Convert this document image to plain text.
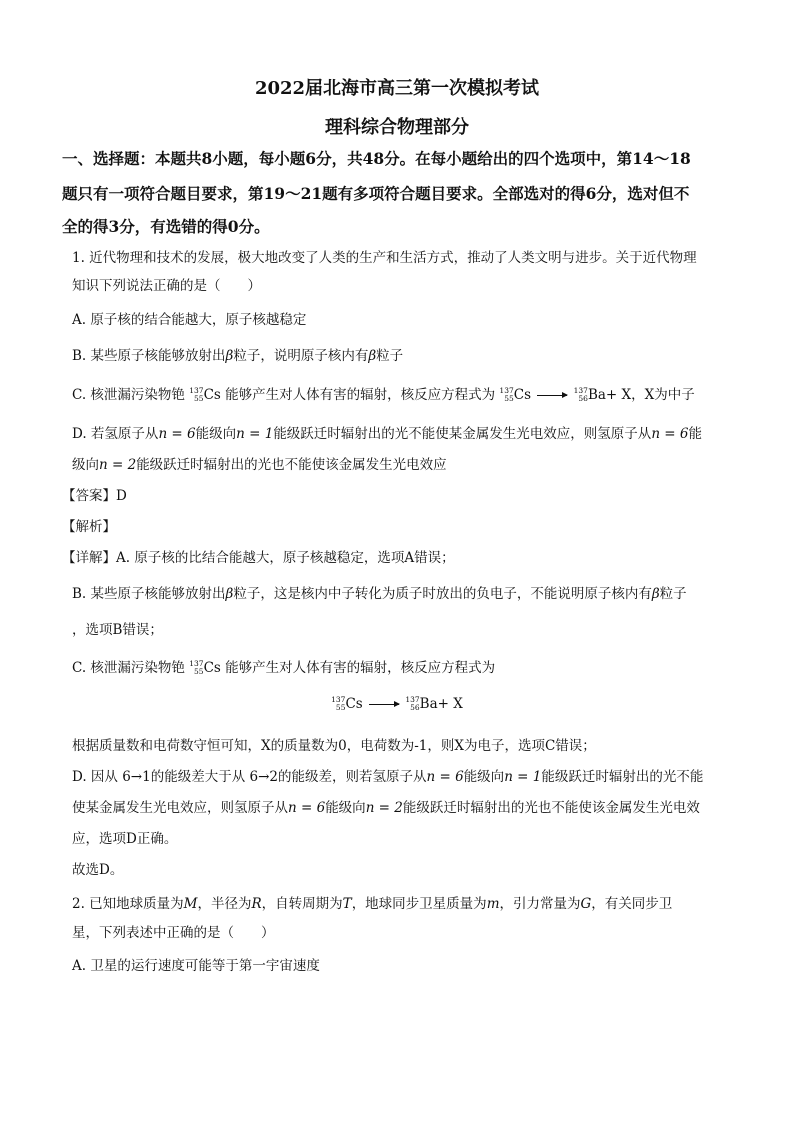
2022届北海市高三第一次模拟考试
理科综合物理部分
一、选择题：本题共8小题，每小题6分，共48分。在每小题给出的四个选项中，第14～18
题只有一项符合题目要求，第19～21题有多项符合题目要求。全部选对的得6分，选对但不
全的得3分，有选错的得0分。
1. 近代物理和技术的发展，极大地改变了人类的生产和生活方式，推动了人类文明与进步。关于近代物理
知识下列说法正确的是（　　）
A. 原子核的结合能越大，原子核越稳定
B. 某些原子核能够放射出β粒子，说明原子核内有β粒子
C. 核泄漏污染物铯 137
55 Cs 能够产生对人体有害的辐射，核反应方程式为 137
55 Cs →
137
56 Ba+ X，X为中子
D. 若氢原子从n = 6能级向n = 1能级跃迁时辐射出的光不能使某金属发生光电效应，则氢原子从n = 6能
级向n = 2能级跃迁时辐射出的光也不能使该金属发生光电效应
【答案】D
【解析】
【详解】A. 原子核的比结合能越大，原子核越稳定，选项A错误；
B. 某些原子核能够放射出β粒子，这是核内中子转化为质子时放出的负电子，不能说明原子核内有β粒子
，选项B错误；
C. 核泄漏污染物铯 137
55 Cs 能够产生对人体有害的辐射，核反应方程式为
137
55 Cs →
137
56 Ba+ X
根据质量数和电荷数守恒可知，X的质量数为0，电荷数为-1，则X为电子，选项C错误；
D. 因从 6→1的能级差大于从 6→2的能级差，则若氢原子从n = 6能级向n = 1能级跃迁时辐射出的光不能
使某金属发生光电效应，则氢原子从n = 6能级向n = 2能级跃迁时辐射出的光也不能使该金属发生光电效
应，选项D正确。
故选D。
2. 已知地球质量为M，半径为R，自转周期为T，地球同步卫星质量为m，引力常量为G，有关同步卫
星，下列表述中正确的是（　　）
A. 卫星的运行速度可能等于第一宇宙速度
